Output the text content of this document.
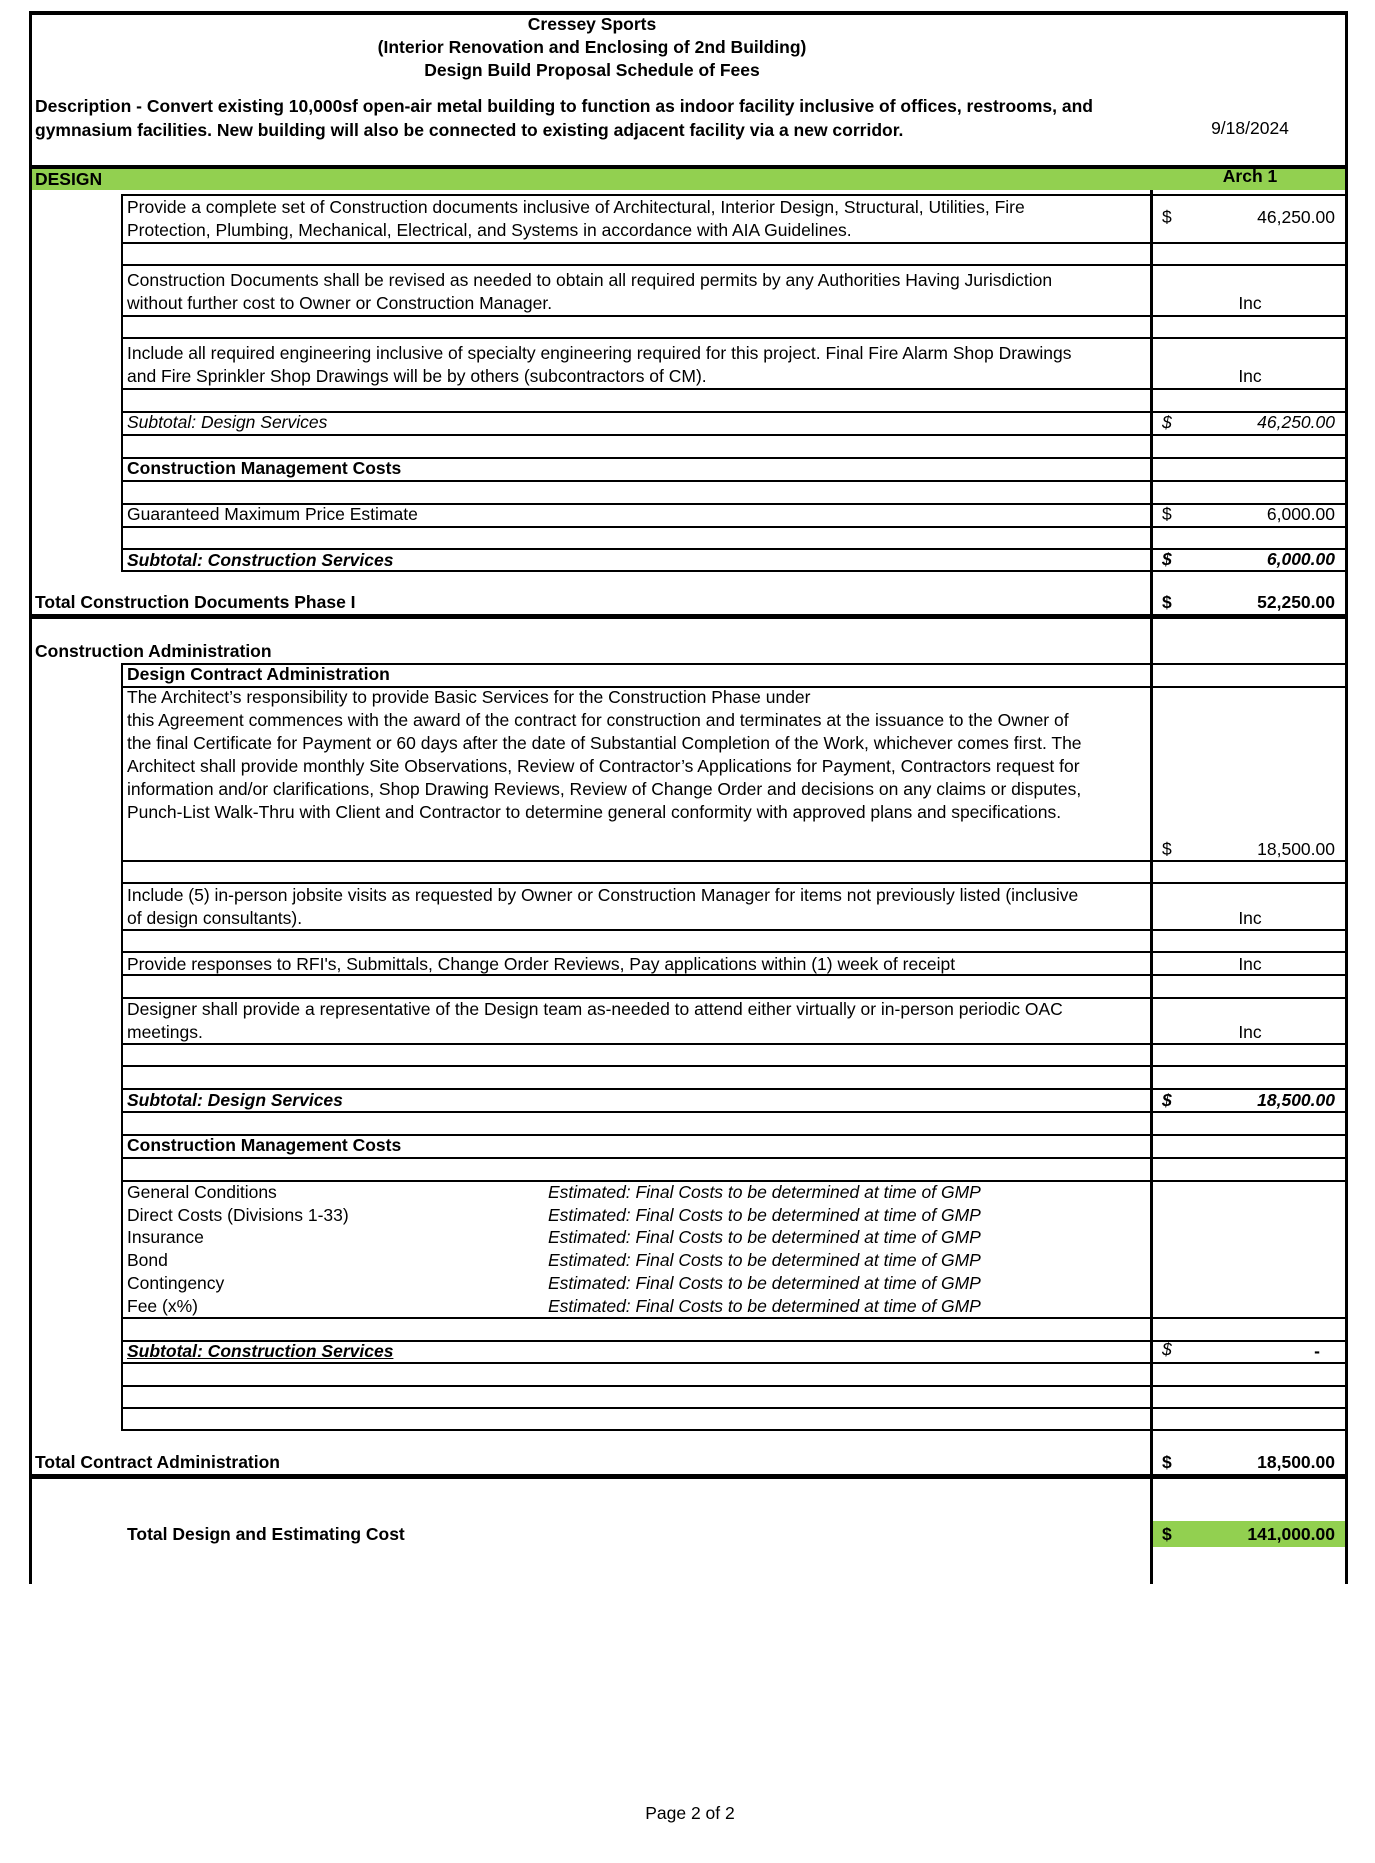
Cressey Sports
(Interior Renovation and Enclosing of 2nd Building)
Design Build Proposal Schedule of Fees
Description - Convert existing 10,000sf open-air metal building to function as indoor facility inclusive of offices, restrooms, and
gymnasium facilities. New building will also be connected to existing adjacent facility via a new corridor.	9/18/2024
DESIGN	Arch 1
Provide a complete set of Construction documents inclusive of Architectural, Interior Design, Structural, Utilities, Fire
Protection, Plumbing, Mechanical, Electrical, and Systems in accordance with AIA Guidelines.
$	46,250.00
Construction Documents shall be revised as needed to obtain all required permits by any Authorities Having Jurisdiction
without further cost to Owner or Construction Manager.	Inc
Include all required engineering inclusive of specialty engineering required for this project. Final Fire Alarm Shop Drawings
and Fire Sprinkler Shop Drawings will be by others (subcontractors of CM).	Inc
Subtotal: Design Services	$	46,250.00
Construction Management Costs
Guaranteed Maximum Price Estimate	$	6,000.00
Subtotal: Construction Services	$	6,000.00
Total Construction Documents Phase I	$	52,250.00
Construction Administration
Design Contract Administration
The Architect’s responsibility to provide Basic Services for the Construction Phase under
this Agreement commences with the award of the contract for construction and terminates at the issuance to the Owner of
the final Certificate for Payment or 60 days after the date of Substantial Completion of the Work, whichever comes first. The
Architect shall provide monthly Site Observations, Review of Contractor’s Applications for Payment, Contractors request for
information and/or clarifications, Shop Drawing Reviews, Review of Change Order and decisions on any claims or disputes,
Punch-List Walk-Thru with Client and Contractor to determine general conformity with approved plans and specifications.
$	18,500.00
Include (5) in-person jobsite visits as requested by Owner or Construction Manager for items not previously listed (inclusive
of design consultants).	Inc
Provide responses to RFI's, Submittals, Change Order Reviews, Pay applications within (1) week of receipt	Inc
Designer shall provide a representative of the Design team as-needed to attend either virtually or in-person periodic OAC
meetings.	Inc
Subtotal: Design Services	$	18,500.00
Construction Management Costs
General Conditions	Estimated: Final Costs to be determined at time of GMP
Direct Costs (Divisions 1-33)	Estimated: Final Costs to be determined at time of GMP
Insurance	Estimated: Final Costs to be determined at time of GMP
Bond	Estimated: Final Costs to be determined at time of GMP
Contingency	Estimated: Final Costs to be determined at time of GMP
Fee (x%)	Estimated: Final Costs to be determined at time of GMP
Subtotal: Construction Services	$	-
Total Contract Administration	$	18,500.00
Total Design and Estimating Cost	$	141,000.00
Page 2 of 2
